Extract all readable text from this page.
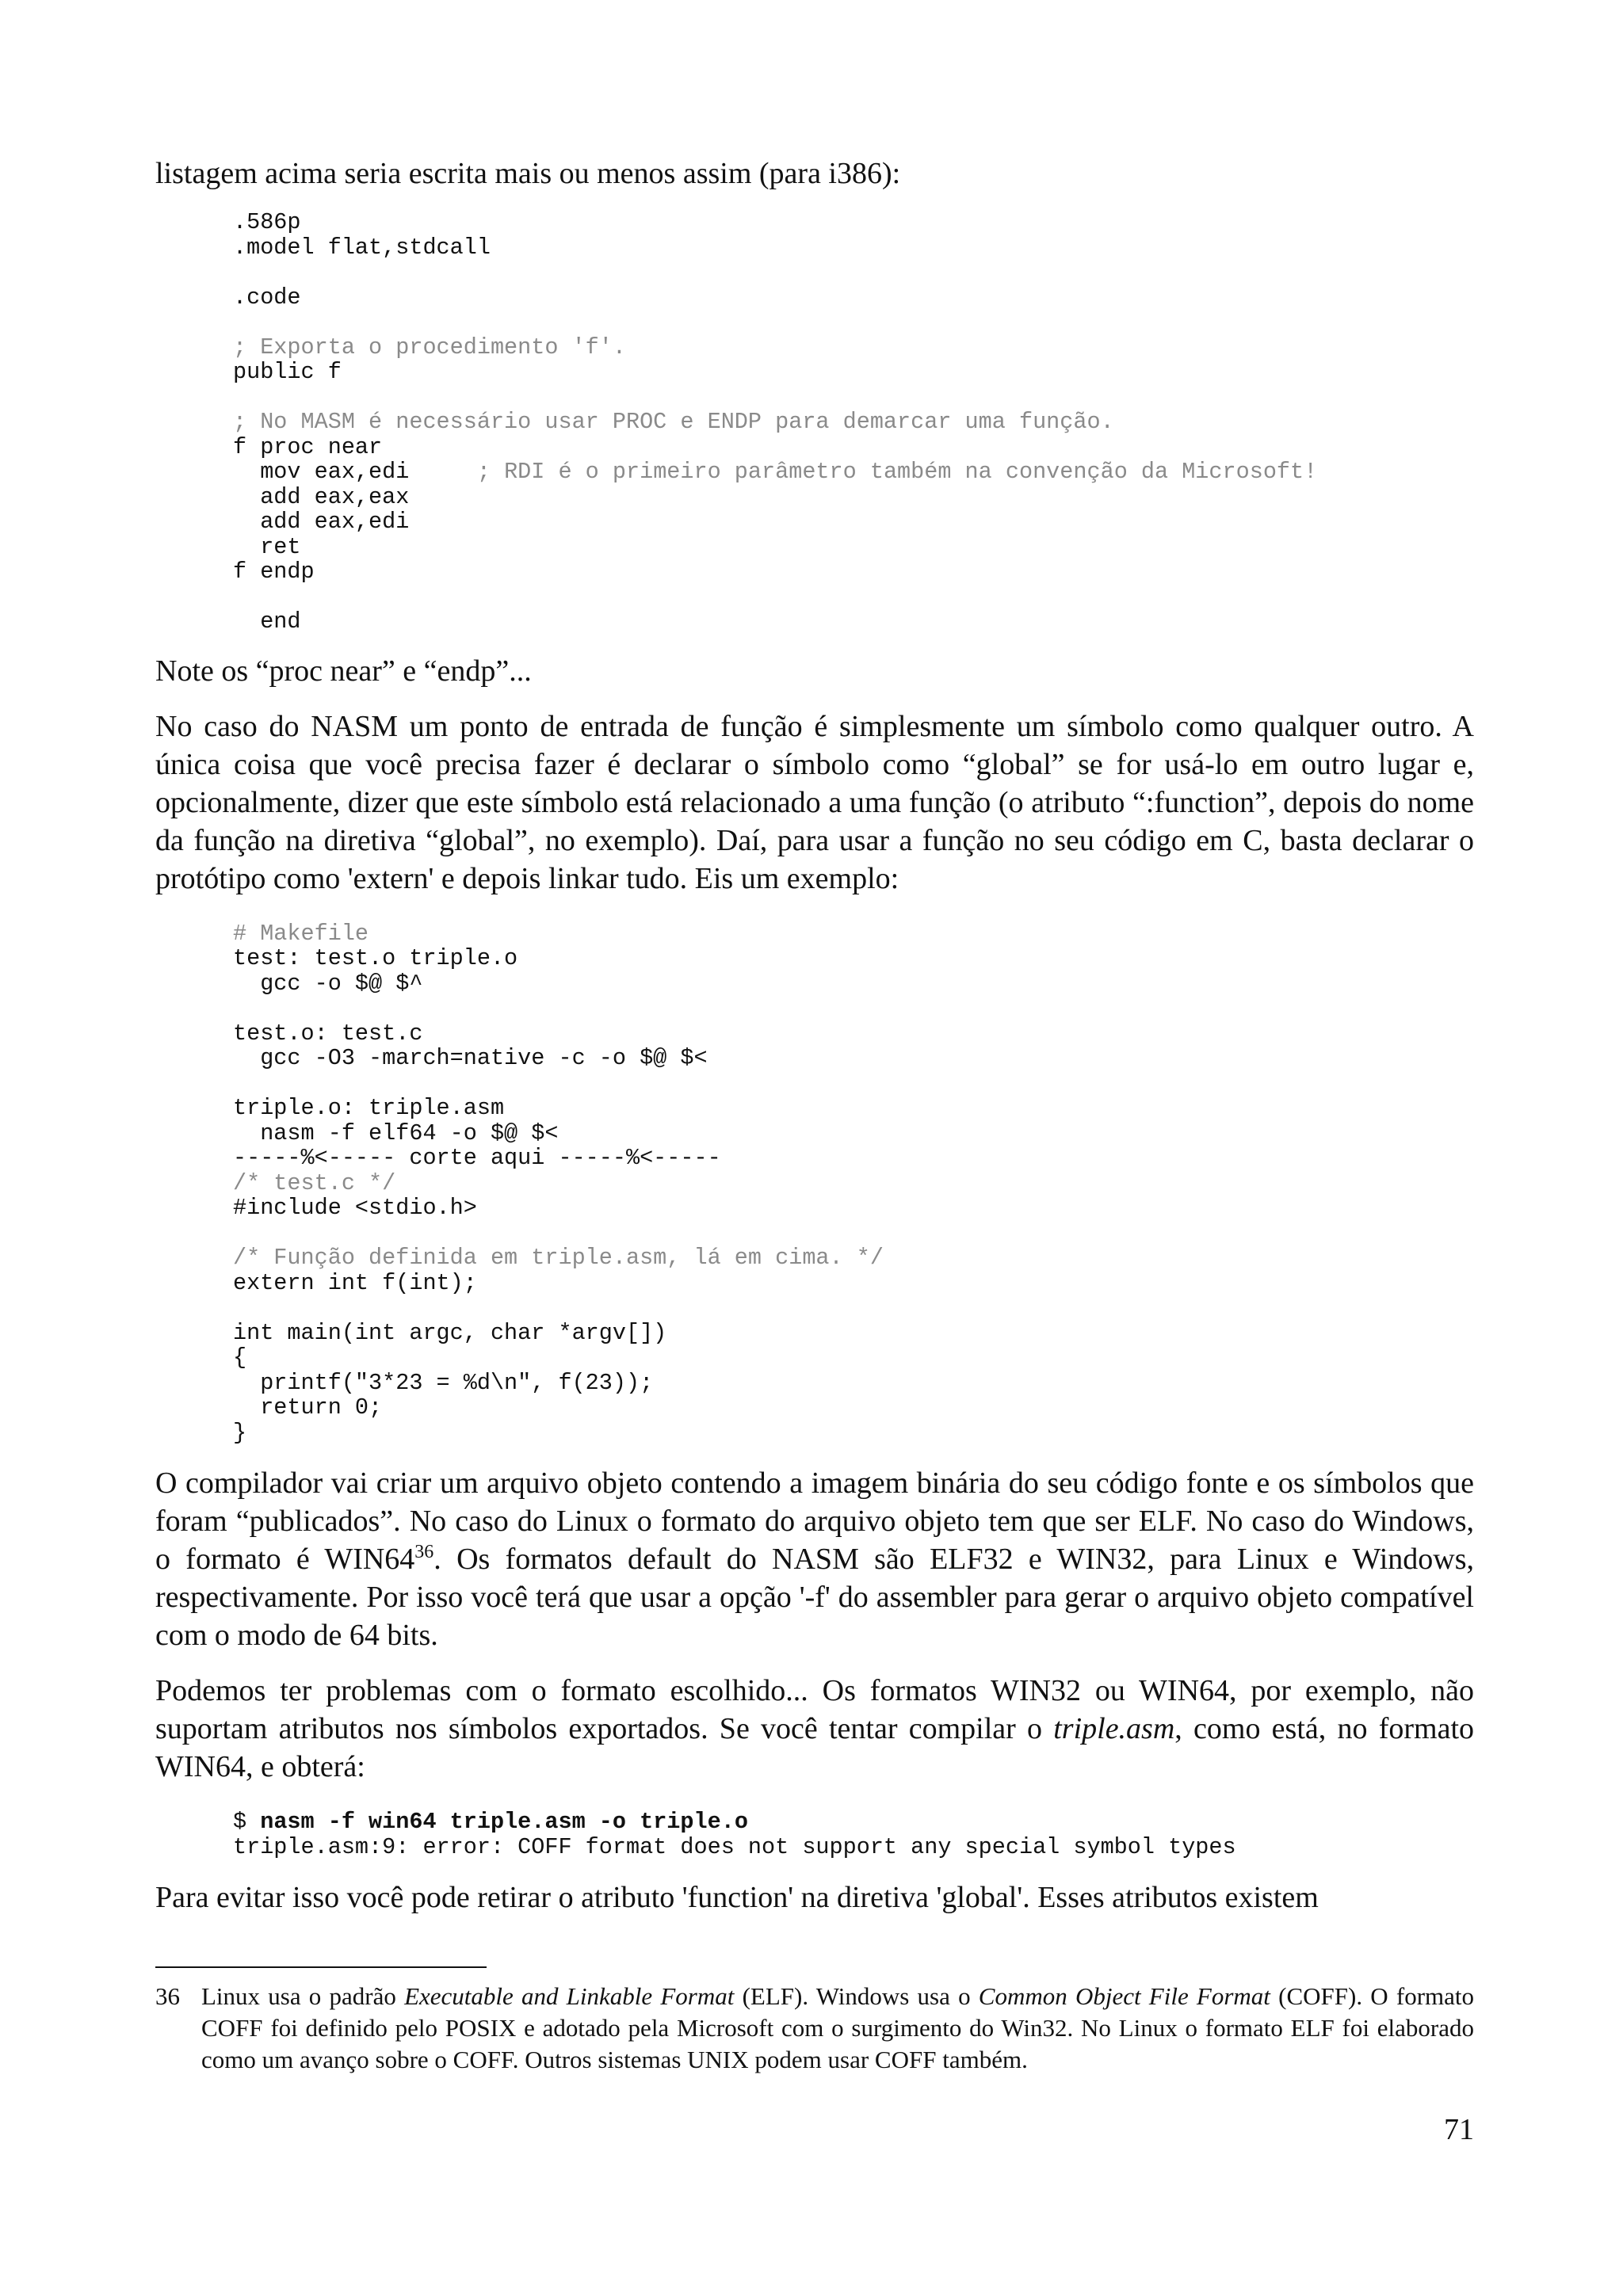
listagem acima seria escrita mais ou menos assim (para i386):

.586p
.model flat,stdcall

.code

; Exporta o procedimento 'f'.
public f

; No MASM é necessário usar PROC e ENDP para demarcar uma função.
f proc near
mov eax,edi     ; RDI é o primeiro parâmetro também na convenção da Microsoft!
add eax,eax
add eax,edi
ret
f endp

end

Note os “proc near” e “endp”...

No caso do NASM um ponto de entrada de função é simplesmente um símbolo como qualquer outro. A única coisa que você precisa fazer é declarar o símbolo como “global” se for usá-lo em outro lugar e, opcionalmente, dizer que este símbolo está relacionado a uma função (o atributo “:function”, depois do nome da função na diretiva “global”, no exemplo). Daí, para usar a função no seu código em C, basta declarar o protótipo como 'extern' e depois linkar tudo. Eis um exemplo:

# Makefile
test: test.o triple.o
gcc -o $@ $^

test.o: test.c
gcc -O3 -march=native -c -o $@ $<

triple.o: triple.asm
nasm -f elf64 -o $@ $<
-----%<----- corte aqui -----%<-----
/* test.c */
#include <stdio.h>

/* Função definida em triple.asm, lá em cima. */
extern int f(int);

int main(int argc, char *argv[])
{
printf("3*23 = %d\n", f(23));
return 0;
}

O compilador vai criar um arquivo objeto contendo a imagem binária do seu código fonte e os símbolos que foram “publicados”. No caso do Linux o formato do arquivo objeto tem que ser ELF. No caso do Windows, o formato é WIN64$^{36}$. Os formatos default do NASM são ELF32 e WIN32, para Linux e Windows, respectivamente. Por isso você terá que usar a opção '-f' do assembler para gerar o arquivo objeto compatível com o modo de 64 bits.

Podemos ter problemas com o formato escolhido... Os formatos WIN32 ou WIN64, por exemplo, não suportam atributos nos símbolos exportados. Se você tentar compilar o triple.asm, como está, no formato WIN64, e obterá:

$ nasm -f win64 triple.asm -o triple.o
triple.asm:9: error: COFF format does not support any special symbol types

Para evitar isso você pode retirar o atributo 'function' na diretiva 'global'. Esses atributos existem

36 Linux usa o padrão Executable and Linkable Format (ELF). Windows usa o Common Object File Format (COFF). O formato COFF foi definido pelo POSIX e adotado pela Microsoft com o surgimento do Win32. No Linux o formato ELF foi elaborado como um avanço sobre o COFF. Outros sistemas UNIX podem usar COFF também.
71
